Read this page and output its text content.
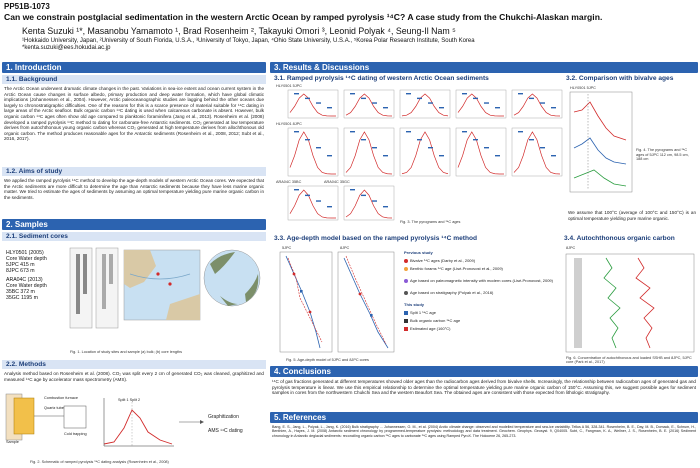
PP51B-1073
Can we constrain postglacial sedimentation in the western Arctic Ocean by ramped pyrolysis ¹⁴C? A case study from the Chukchi-Alaskan margin.
Kenta Suzuki ¹*, Masanobu Yamamoto ¹, Brad Rosenheim ², Takayuki Omori ³, Leonid Polyak ⁴, Seung-Il Nam ⁵
¹Hokkaido University, Japan, ²University of South Florida, U.S.A., ³University of Tokyo, Japan, ⁴Ohio State University, U.S.A., ⁵Korea Polar Research Institute, South Korea
*kenta.suzuki@ees.hokudai.ac.jp
1. Introduction
1.1. Background
The Arctic Ocean underwent dramatic climate changes in the past. Variations in sea-ice extent and ocean current system in the Arctic Ocean cause changes in surface albedo, primary production and deep water formation, which have global climatic implications (Johannessen et al., 2004). However, Arctic paleoceanographic studies are lagging behind the other oceans due largely to chronostratigraphic difficulties. One of the reasons for this is a scarce presence of material suitable for ¹⁴C dating in large areas of the Arctic seafloor. Bulk organic carbon ¹⁴C dating is used when calcareous carbonate is absent. However, bulk organic carbon ¹⁴C ages often show old age compared to planktonic foraminifera (Jang et al., 2013). Rosenheim et al. (2008) developed a ramped pyrolysis ¹⁴C method to dating for carbonate-free Antarctic sediments. CO₂ generated at low temperature derives from autochthonous young organic carbon whereas CO₂ generated at high temperature derives from allochthonous old organic carbon. The method produces reasonable ages for the Antarctic sediments (Rosenheim et al., 2008, 2012; Subt et al., 2016, 2017).
1.2. Aims of study
We applied the ramped pyrolysis ¹⁴C method to develop the age-depth models of western Arctic Ocean cores. We expected that the Arctic sediments are more difficult to determine the age than Antarctic sediments because they have less marine organic matter. We tried to estimate the ages of sediments by assuming an optimal temperature yielding pure marine organic carbon in the sediments.
2. Samples
2.1. Sediment cores
HLY0501 (2005)
Core Water depth
5JPC 415 m
8JPC 673 m
ARA04C (2013)
Core Water depth
35BC 372 m
35GC 1195 m
Fig. 1. Location of study sites and sample (a) bulk; (b) core lengths
2.2. Methods
Analysis method based on Rosenheim et al. (2008). CO₂ was split every 2 cm of generated CO₂ was cleaned, graphitized and measured ¹⁴C age by accelerator mass spectrometry (AMS).
Combustion furnace
Quartz tube
Sample
Cold trapping
Split 1 Split 2
Graphitization
AMS ¹⁴C dating
Fig. 2. Schematic of ramped pyrolysis ¹⁴C dating analysis (Rosenheim et al., 2008)
3. Results & Discussions
3.1. Ramped pyrolysis ¹⁴C dating of western Arctic Ocean sediments	3.2. Comparison with bivalve ages
HLY0501 5JPC
HLY0501 8JPC
ARA04C 35BC	ARA04C 35GC
Fig. 3. The pyrograms and ¹⁴C ages
HLY0501 5JPC
Fig. 4. The pyrograms and ¹⁴C ages of 5JPC 112 cm, 98.5 cm, 188 cm
We assume that 100°C (average of 100°C and 150°C) is an optimal temperature yielding pure marine organic.
3.3. Age-depth model based on the ramped pyrolysis ¹⁴C method
5JPC	8JPC
Fig. 5. Age-depth model of 5JPC and 8JPC cores
Previous study
Bivalve ¹⁴C ages (Darby et al., 2009)
Benthic forams ¹⁴C age (Lisé-Pronovost et al., 2009)
Age based on paleomagnetic intensity with modern cores (Lisé-Pronovost, 2009)
Age based on stratigraphy (Polyak et al., 2016)
This study
Split 1 ¹⁴C age
Bulk organic carbon ¹⁴C age
Estimated age (160°C)
3.4. Autochthonous organic carbon
8JPC
Fig. 6. Concentration of autochthonous and loaded SSHB and 8JPC, 5JPC core (Park et al., 2017)
4. Conclusions
¹⁴C of gas fractions generated at different temperatures showed older ages than the radiocarbon ages derived from bivalve shells. Increasingly, the relationship between radiocarbon ages of generated gas and pyrolysis temperature is linear. We use this empirical relationship to determine the optimal temperature yielding pure marine organic carbon of 150°C. Assuming this, we suggest possible ages for sediment samples in cores from the northwestern Chukchi Sea and the western Beaufort Sea. The obtained ages are consistent with those expected from lithologic stratigraphy.
5. References
Bang, E. S., Jang, L., Polyak, L., Jang, K. (2016) Bulk stratigraphy ... Johannessen, O. M., et al. (2004) Arctic climate change: observed and modelled temperature and sea-ice variability. Tellus A 56, 328-341. Rosenheim, B. E., Day, M. B., Domack, E., Schrum, H., Benthien, A., Hayes, J. M. (2008) Antarctic sediment chronology by programmed-temperature pyrolysis: methodology and data treatment. Geochem. Geophys. Geosyst. 9, Q04005. Subt, C., Fangman, K. A., Wellner, J. S., Rosenheim, B. E. (2016) Sediment chronology in Antarctic deglacial sediments: reconciling organic carbon ¹⁴C ages to carbonate ¹⁴C ages using Ramped PyroX. The Holocene 26, 265-273.
